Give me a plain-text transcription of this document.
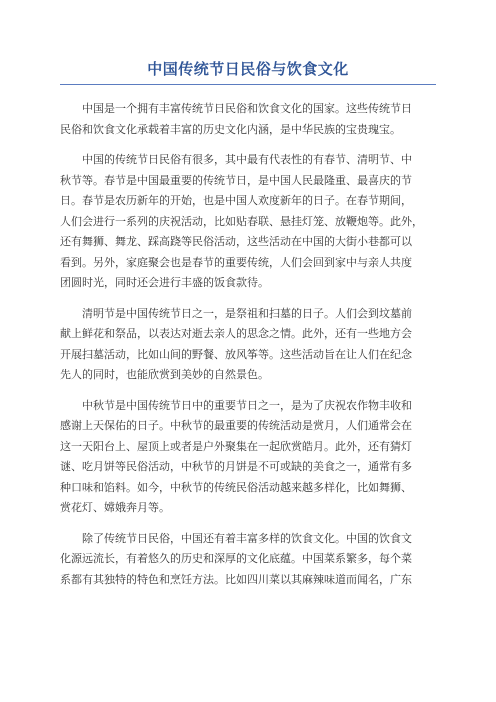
中国传统节日民俗与饮食文化

中国是一个拥有丰富传统节日民俗和饮食文化的国家。这些传统节日
民俗和饮食文化承载着丰富的历史文化内涵，是中华民族的宝贵瑰宝。

中国的传统节日民俗有很多，其中最有代表性的有春节、清明节、中
秋节等。春节是中国最重要的传统节日，是中国人民最隆重、最喜庆的节
日。春节是农历新年的开始，也是中国人欢度新年的日子。在春节期间，
人们会进行一系列的庆祝活动，比如贴春联、悬挂灯笼、放鞭炮等。此外，
还有舞狮、舞龙、踩高跷等民俗活动，这些活动在中国的大街小巷都可以
看到。另外，家庭聚会也是春节的重要传统，人们会回到家中与亲人共度
团圆时光，同时还会进行丰盛的饭食款待。

清明节是中国传统节日之一，是祭祖和扫墓的日子。人们会到坟墓前
献上鲜花和祭品，以表达对逝去亲人的思念之情。此外，还有一些地方会
开展扫墓活动，比如山间的野餐、放风筝等。这些活动旨在让人们在纪念
先人的同时，也能欣赏到美妙的自然景色。

中秋节是中国传统节日中的重要节日之一，是为了庆祝农作物丰收和
感谢上天保佑的日子。中秋节的最重要的传统活动是赏月，人们通常会在
这一天阳台上、屋顶上或者是户外聚集在一起欣赏皓月。此外，还有猜灯
谜、吃月饼等民俗活动，中秋节的月饼是不可或缺的美食之一，通常有多
种口味和馅料。如今，中秋节的传统民俗活动越来越多样化，比如舞狮、
赏花灯、嫦娥奔月等。

除了传统节日民俗，中国还有着丰富多样的饮食文化。中国的饮食文
化源远流长，有着悠久的历史和深厚的文化底蕴。中国菜系繁多，每个菜
系都有其独特的特色和烹饪方法。比如四川菜以其麻辣味道而闻名，广东
